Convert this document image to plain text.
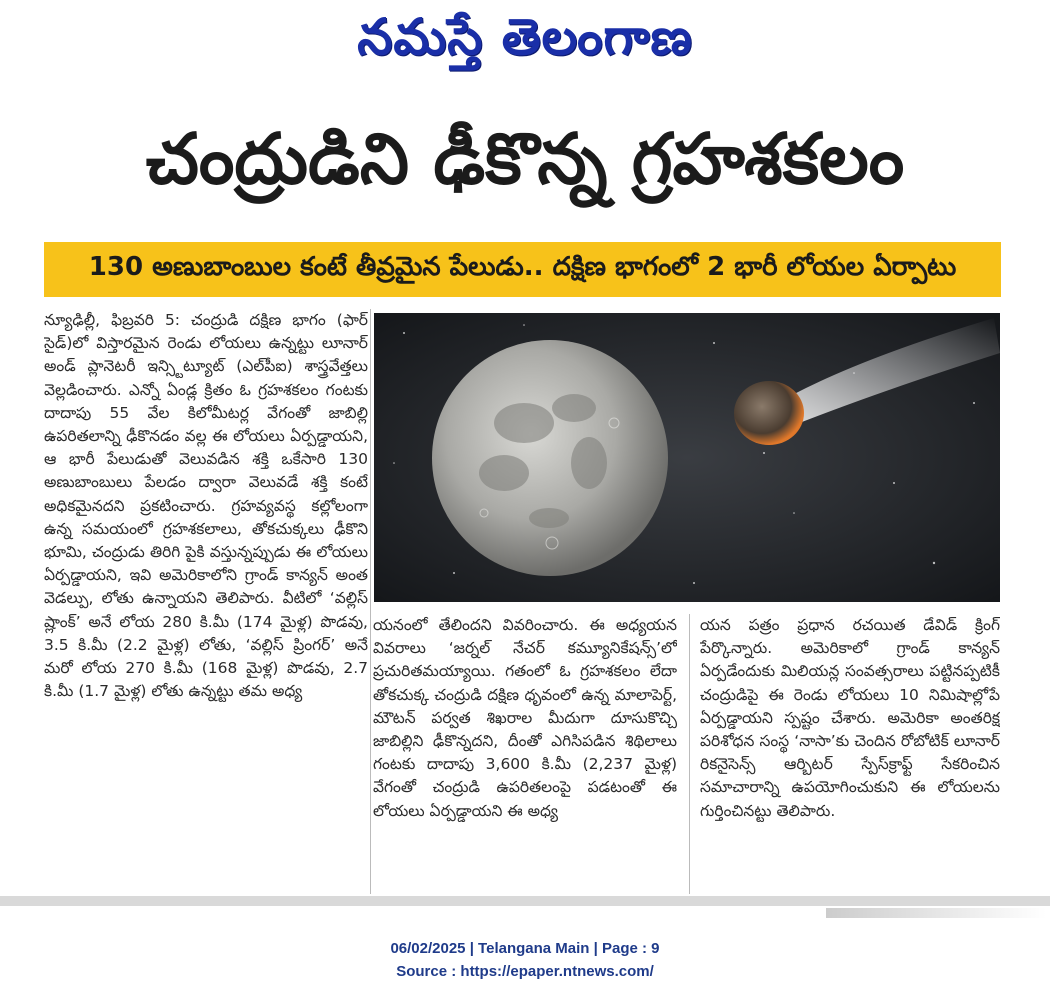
నమస్తే తెలంగాణ
చంద్రుడిని ఢీకొన్న గ్రహశకలం
130 అణుబాంబుల కంటే తీవ్రమైన పేలుడు.. దక్షిణ భాగంలో 2 భారీ లోయల ఏర్పాటు
న్యూఢిల్లీ, ఫిబ్రవరి 5: చంద్రుడి దక్షిణ భాగం (ఫార్ సైడ్)లో విస్తారమైన రెండు లోయలు ఉన్నట్టు లూనార్ అండ్ ప్లానెటరీ ఇన్స్టిట్యూట్ (ఎల్‌పీఐ) శాస్త్రవేత్తలు వెల్లడించారు. ఎన్నో ఏండ్ల క్రితం ఓ గ్రహశకలం గంటకు దాదాపు 55 వేల కిలోమీటర్ల వేగంతో జాబిల్లి ఉపరితలాన్ని ఢీకొనడం వల్ల ఈ లోయలు ఏర్పడ్డాయని, ఆ భారీ పేలుడుతో వెలువడిన శక్తి ఒకేసారి 130 అణుబాంబులు పేలడం ద్వారా వెలువడే శక్తి కంటే అధికమైనదని ప్రకటించారు. గ్రహవ్యవస్థ కల్లోలంగా ఉన్న సమయంలో గ్రహశకలాలు, తోకచుక్కలు ఢీకొని భూమి, చంద్రుడు తిరిగి పైకి వస్తున్నప్పుడు ఈ లోయలు ఏర్పడ్డాయని, ఇవి అమెరికాలోని గ్రాండ్ కాన్యన్ అంత వెడల్పు, లోతు ఉన్నాయని తెలిపారు. వీటిలో ‘వల్లిస్ ష్లాంక్’ అనే లోయ 280 కి.మీ (174 మైళ్ల) పొడవు, 3.5 కి.మీ (2.2 మైళ్ల) లోతు, ‘వల్లిస్ ప్రింగర్’ అనే మరో లోయ 270 కి.మీ (168 మైళ్ల) పొడవు, 2.7 కి.మీ (1.7 మైళ్ల) లోతు ఉన్నట్టు తమ అధ్య
యనంలో తేలిందని వివరించారు. ఈ అధ్యయన వివరాలు ‘జర్నల్ నేచర్ కమ్యూనికేషన్స్’లో ప్రచురితమయ్యాయి. గతంలో ఓ గ్రహశకలం లేదా తోకచుక్క చంద్రుడి దక్షిణ ధృవంలో ఉన్న మాలాపెర్ట్, మౌటన్ పర్వత శిఖరాల మీదుగా దూసుకొచ్చి జాబిల్లిని ఢీకొన్నదని, దీంతో ఎగిసిపడిన శిథిలాలు గంటకు దాదాపు 3,600 కి.మీ (2,237 మైళ్ల) వేగంతో చంద్రుడి ఉపరితలంపై పడటంతో ఈ లోయలు ఏర్పడ్డాయని ఈ అధ్య
యన పత్రం ప్రధాన రచయిత డేవిడ్ క్రింగ్ పేర్కొన్నారు. అమెరికాలో గ్రాండ్ కాన్యన్ ఏర్పడేందుకు మిలియన్ల సంవత్సరాలు పట్టినప్పటికీ చంద్రుడిపై ఈ రెండు లోయలు 10 నిమిషాల్లోపే ఏర్పడ్డాయని స్పష్టం చేశారు. అమెరికా అంతరిక్ష పరిశోధన సంస్థ ‘నాసా’కు చెందిన రోబోటిక్ లూనార్ రికనైసెన్స్ ఆర్బిటర్ స్పేస్‌క్రాఫ్ట్ సేకరించిన సమాచారాన్ని ఉపయోగించుకుని ఈ లోయలను గుర్తించినట్టు తెలిపారు.
06/02/2025 | Telangana Main | Page : 9
Source : https://epaper.ntnews.com/
